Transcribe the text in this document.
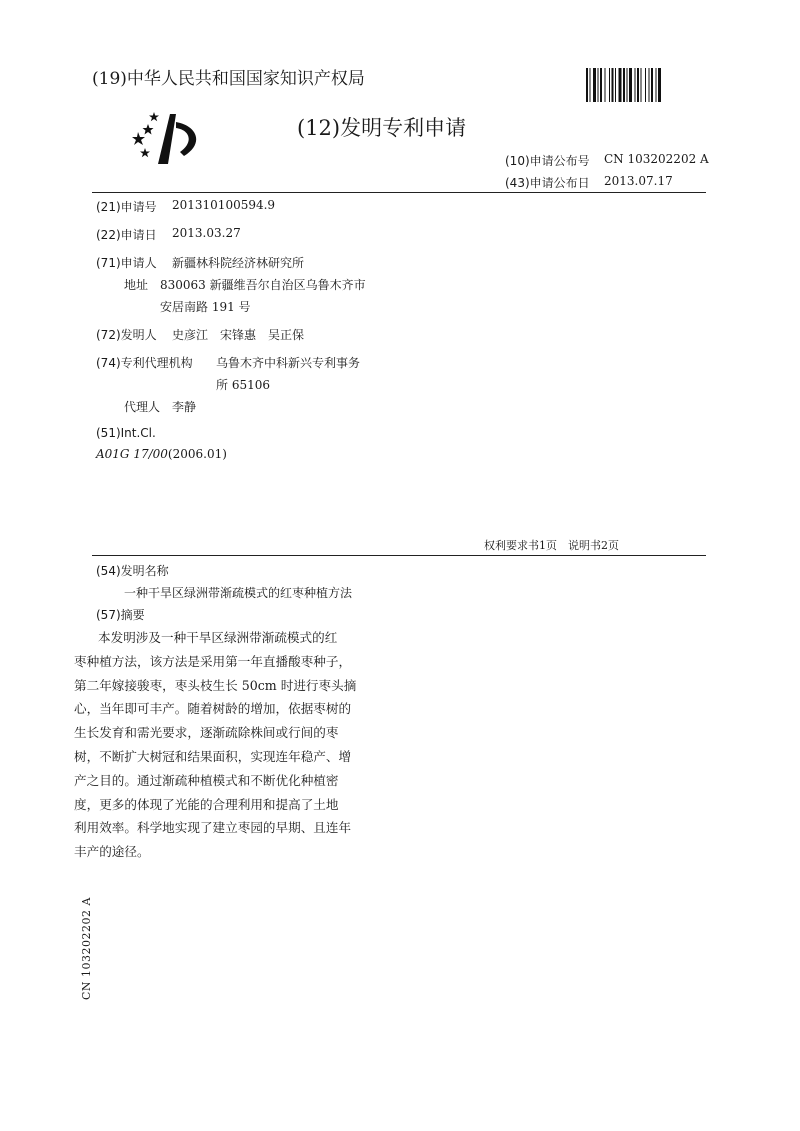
(19)中华人民共和国国家知识产权局
(12)发明专利申请
(10)申请公布号 CN 103202202 A
(43)申请公布日 2013.07.17
(21)申请号 201310100594.9
(22)申请日 2013.03.27
(71)申请人 新疆林科院经济林研究所
地址 830063 新疆维吾尔自治区乌鲁木齐市
安居南路 191 号
(72)发明人 史彦江　宋锋惠　吴正保
(74)专利代理机构 乌鲁木齐中科新兴专利事务
所 65106
代理人 李静
(51)Int.Cl.
A01G 17/00(2006.01)
权利要求书1页　说明书2页
(54)发明名称
一种干旱区绿洲带渐疏模式的红枣种植方法
(57)摘要
本发明涉及一种干旱区绿洲带渐疏模式的红
枣种植方法，该方法是采用第一年直播酸枣种子，
第二年嫁接骏枣，枣头枝生长 50cm 时进行枣头摘
心，当年即可丰产。随着树龄的增加，依据枣树的
生长发育和需光要求，逐渐疏除株间或行间的枣
树，不断扩大树冠和结果面积，实现连年稳产、增
产之目的。通过渐疏种植模式和不断优化种植密
度，更多的体现了光能的合理利用和提高了土地
利用效率。科学地实现了建立枣园的早期、且连年
丰产的途径。
CN 103202202 A
